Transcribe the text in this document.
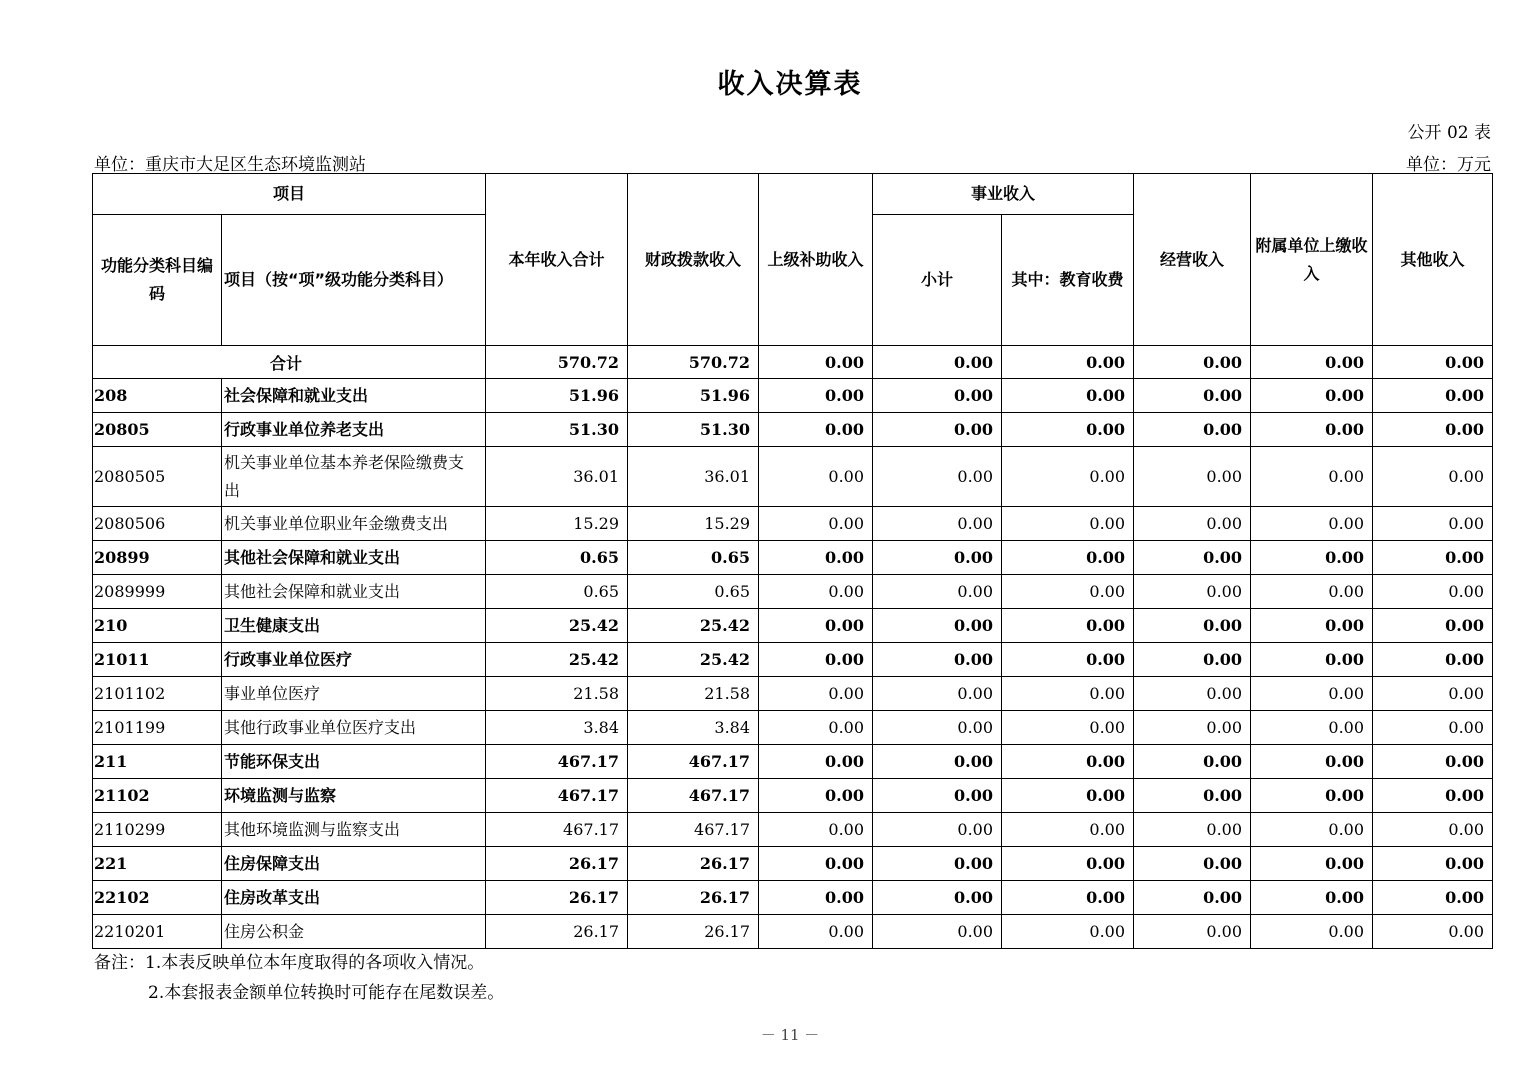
收入决算表
公开 02 表
单位：重庆市大足区生态环境监测站	单位：万元
项目		本年收入合计	财政拨款收入	上级补助收入	事业收入		经营收入	附属单位上缴收入	其他收入
功能分类科目编码	项目（按“项”级功能分类科目）				小计	其中：教育收费			
合计		570.72	570.72	0.00	0.00	0.00	0.00	0.00	0.00
208	社会保障和就业支出	51.96	51.96	0.00	0.00	0.00	0.00	0.00	0.00
20805	行政事业单位养老支出	51.30	51.30	0.00	0.00	0.00	0.00	0.00	0.00
2080505	机关事业单位基本养老保险缴费支出	36.01	36.01	0.00	0.00	0.00	0.00	0.00	0.00
2080506	机关事业单位职业年金缴费支出	15.29	15.29	0.00	0.00	0.00	0.00	0.00	0.00
20899	其他社会保障和就业支出	0.65	0.65	0.00	0.00	0.00	0.00	0.00	0.00
2089999	其他社会保障和就业支出	0.65	0.65	0.00	0.00	0.00	0.00	0.00	0.00
210	卫生健康支出	25.42	25.42	0.00	0.00	0.00	0.00	0.00	0.00
21011	行政事业单位医疗	25.42	25.42	0.00	0.00	0.00	0.00	0.00	0.00
2101102	事业单位医疗	21.58	21.58	0.00	0.00	0.00	0.00	0.00	0.00
2101199	其他行政事业单位医疗支出	3.84	3.84	0.00	0.00	0.00	0.00	0.00	0.00
211	节能环保支出	467.17	467.17	0.00	0.00	0.00	0.00	0.00	0.00
21102	环境监测与监察	467.17	467.17	0.00	0.00	0.00	0.00	0.00	0.00
2110299	其他环境监测与监察支出	467.17	467.17	0.00	0.00	0.00	0.00	0.00	0.00
221	住房保障支出	26.17	26.17	0.00	0.00	0.00	0.00	0.00	0.00
22102	住房改革支出	26.17	26.17	0.00	0.00	0.00	0.00	0.00	0.00
2210201	住房公积金	26.17	26.17	0.00	0.00	0.00	0.00	0.00	0.00
备注：1.本表反映单位本年度取得的各项收入情况。
2.本套报表金额单位转换时可能存在尾数误差。
－ 11 －
